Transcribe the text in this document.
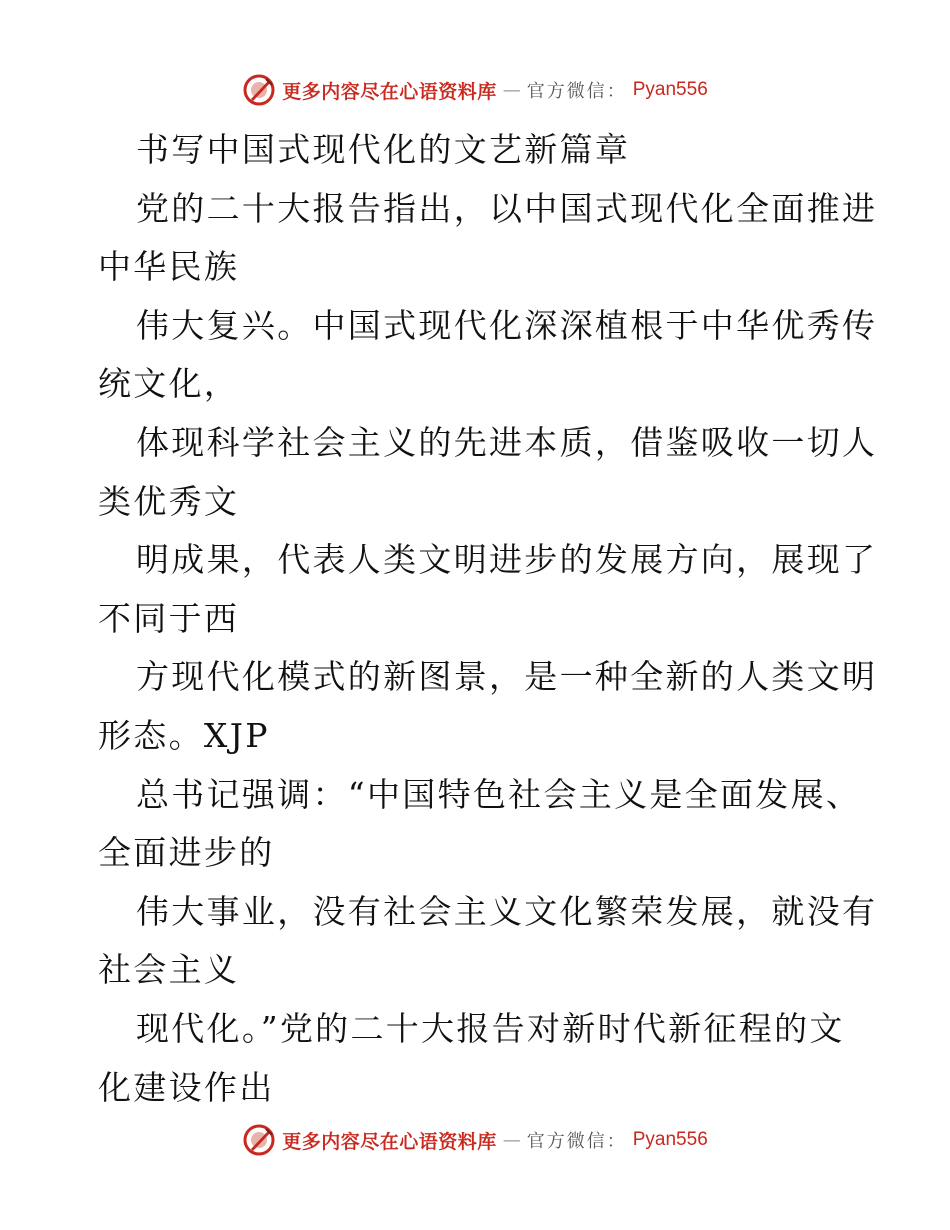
更多内容尽在心语资料库 — 官方微信： Pyan556
书写中国式现代化的文艺新篇章
党的二十大报告指出，以中国式现代化全面推进
中华民族
伟大复兴。中国式现代化深深植根于中华优秀传
统文化，
体现科学社会主义的先进本质，借鉴吸收一切人
类优秀文
明成果，代表人类文明进步的发展方向，展现了
不同于西
方现代化模式的新图景，是一种全新的人类文明
形态。XJP
总书记强调：“中国特色社会主义是全面发展、
全面进步的
伟大事业，没有社会主义文化繁荣发展，就没有
社会主义
现代化。”党的二十大报告对新时代新征程的文
化建设作出
更多内容尽在心语资料库 — 官方微信： Pyan556
